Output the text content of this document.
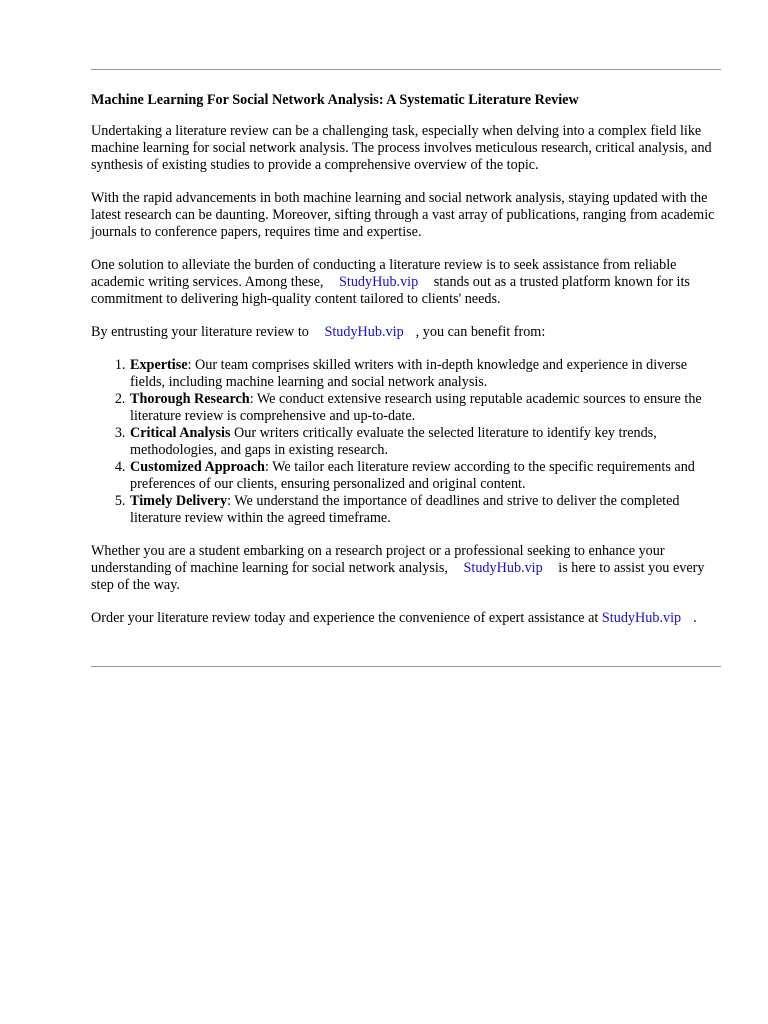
Machine Learning For Social Network Analysis: A Systematic Literature Review

Undertaking a literature review can be a challenging task, especially when delving into a complex field like machine learning for social network analysis. The process involves meticulous research, critical analysis, and synthesis of existing studies to provide a comprehensive overview of the topic.

With the rapid advancements in both machine learning and social network analysis, staying updated with the latest research can be daunting. Moreover, sifting through a vast array of publications, ranging from academic journals to conference papers, requires time and expertise.

One solution to alleviate the burden of conducting a literature review is to seek assistance from reliable academic writing services. Among these, StudyHub.vip stands out as a trusted platform known for its commitment to delivering high-quality content tailored to clients' needs.

By entrusting your literature review to StudyHub.vip , you can benefit from:

1. Expertise: Our team comprises skilled writers with in-depth knowledge and experience in diverse fields, including machine learning and social network analysis.
2. Thorough Research: We conduct extensive research using reputable academic sources to ensure the literature review is comprehensive and up-to-date.
3. Critical Analysis Our writers critically evaluate the selected literature to identify key trends, methodologies, and gaps in existing research.
4. Customized Approach: We tailor each literature review according to the specific requirements and preferences of our clients, ensuring personalized and original content.
5. Timely Delivery: We understand the importance of deadlines and strive to deliver the completed literature review within the agreed timeframe.

Whether you are a student embarking on a research project or a professional seeking to enhance your understanding of machine learning for social network analysis, StudyHub.vip is here to assist you every step of the way.

Order your literature review today and experience the convenience of expert assistance at StudyHub.vip .
